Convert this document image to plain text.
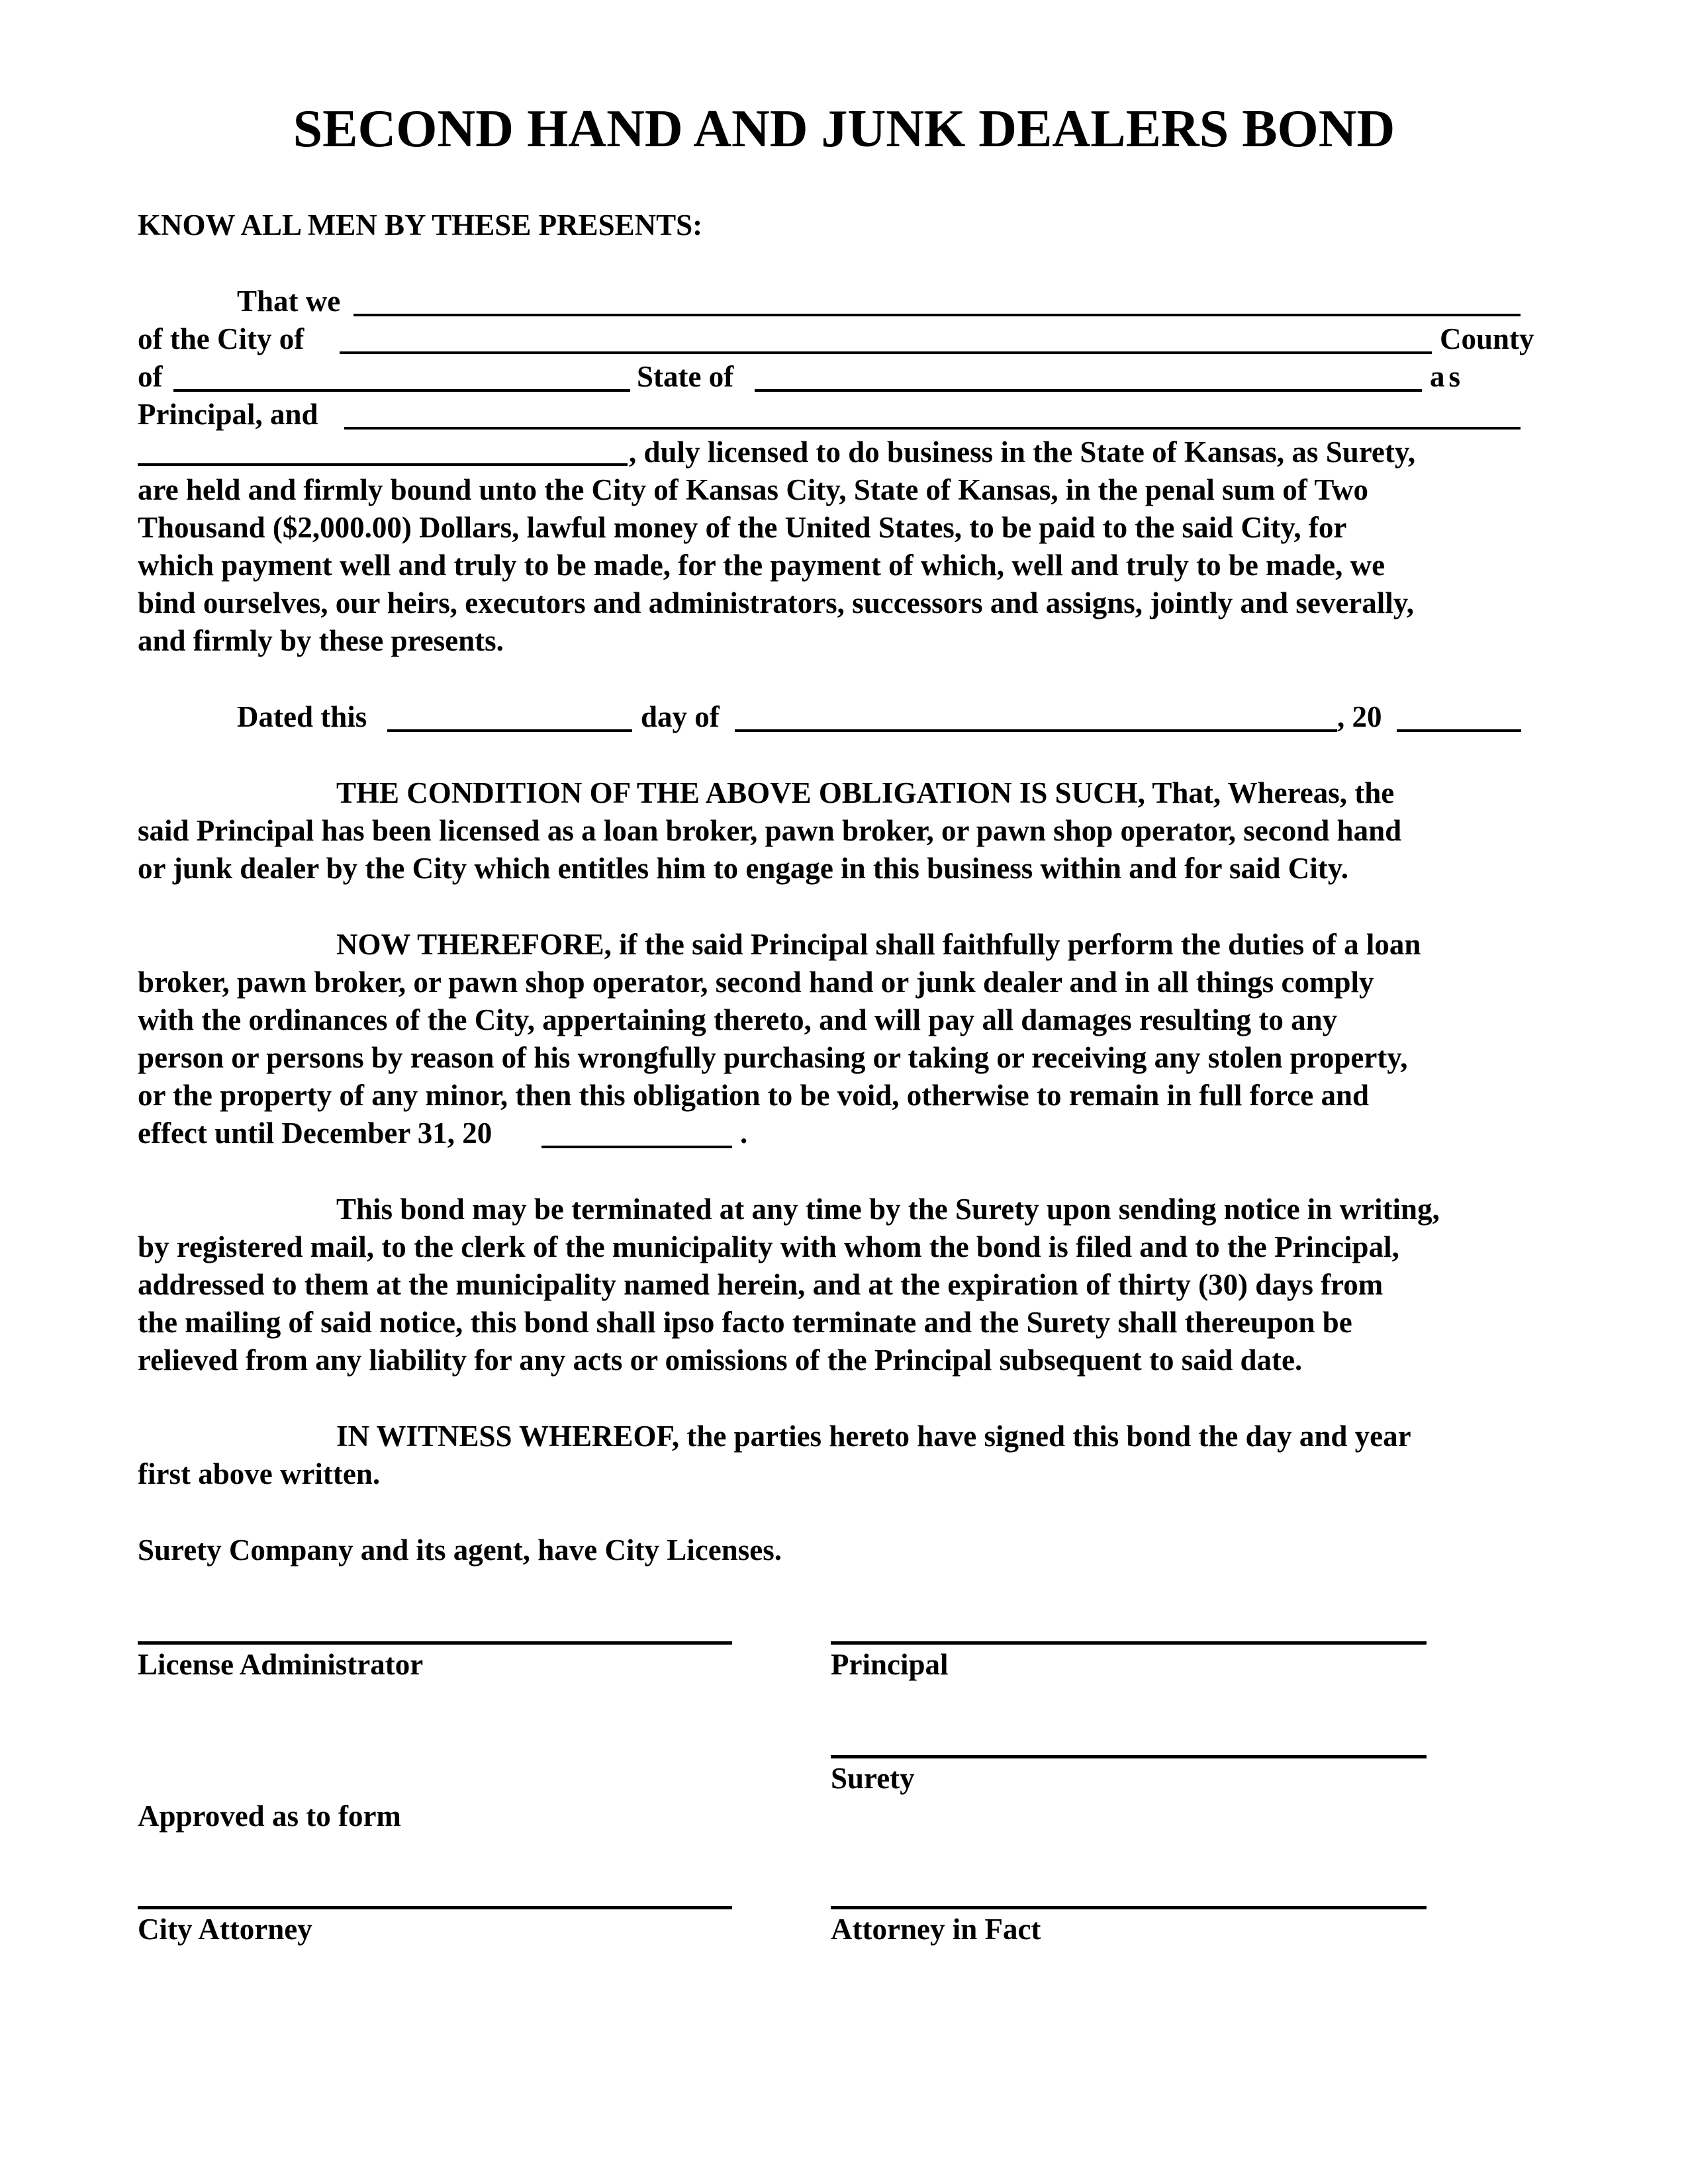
SECOND HAND AND JUNK DEALERS BOND
KNOW ALL MEN BY THESE PRESENTS:
That we
of the City of	County
of	State of	as
Principal, and
, duly licensed to do business in the State of Kansas, as Surety,
are held and firmly bound unto the City of Kansas City, State of Kansas, in the penal sum of Two
Thousand ($2,000.00) Dollars, lawful money of the United States, to be paid to the said City, for
which payment well and truly to be made, for the payment of which, well and truly to be made, we
bind ourselves, our heirs, executors and administrators, successors and assigns, jointly and severally,
and firmly by these presents.
Dated this	day of	, 20
THE CONDITION OF THE ABOVE OBLIGATION IS SUCH, That, Whereas, the
said Principal has been licensed as a loan broker, pawn broker, or pawn shop operator, second hand
or junk dealer by the City which entitles him to engage in this business within and for said City.
NOW THEREFORE, if the said Principal shall faithfully perform the duties of a loan
broker, pawn broker, or pawn shop operator, second hand or junk dealer and in all things comply
with the ordinances of the City, appertaining thereto, and will pay all damages resulting to any
person or persons by reason of his wrongfully purchasing or taking or receiving any stolen property,
or the property of any minor, then this obligation to be void, otherwise to remain in full force and
effect until December 31, 20	.
This bond may be terminated at any time by the Surety upon sending notice in writing,
by registered mail, to the clerk of the municipality with whom the bond is filed and to the Principal,
addressed to them at the municipality named herein, and at the expiration of thirty (30) days from
the mailing of said notice, this bond shall ipso facto terminate and the Surety shall thereupon be
relieved from any liability for any acts or omissions of the Principal subsequent to said date.
IN WITNESS WHEREOF, the parties hereto have signed this bond the day and year
first above written.
Surety Company and its agent, have City Licenses.
License Administrator	Principal
Surety
Approved as to form
City Attorney	Attorney in Fact
